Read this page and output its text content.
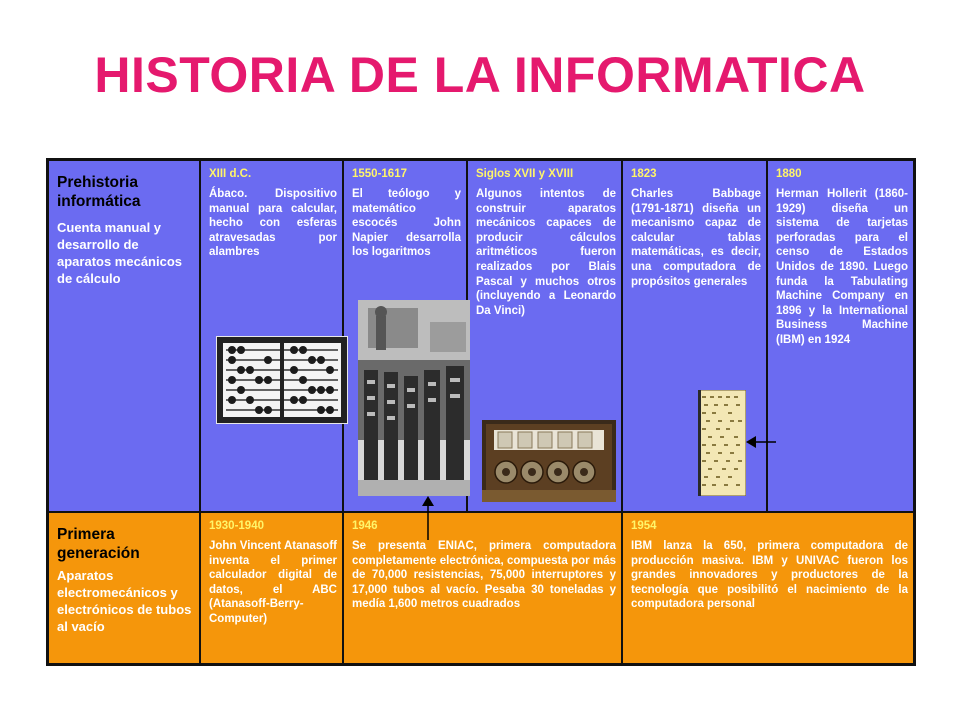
HISTORIA DE LA INFORMATICA
Prehistoria informática
Cuenta manual y desarrollo de aparatos mecánicos de cálculo
XIII d.C.
Ábaco. Dispositivo manual para calcular, hecho con esferas atravesadas por alambres
1550-1617
El teólogo y matemático escocés John Napier desarrolla los logaritmos
Siglos XVII y XVIII
Algunos intentos de construir aparatos mecánicos capaces de producir cálculos aritméticos fueron realizados por Blais Pascal y muchos otros (incluyendo a Leonardo Da Vinci)
1823
Charles Babbage (1791-1871) diseña un mecanismo capaz de calcular tablas matemáticas, es decir, una computadora de propósitos generales
1880
Herman Hollerit (1860-1929) diseña un sistema de tarjetas perforadas para el censo de Estados Unidos de 1890. Luego funda la Tabulating Machine Company en 1896 y la International Business Machine (IBM) en 1924
Primera generación
Aparatos electromecánicos y electrónicos de tubos al vacío
1930-1940
John Vincent Atanasoff inventa el primer calculador digital de datos, el ABC (Atanasoff-Berry-Computer)
1946
Se presenta ENIAC, primera computadora completamente electrónica, compuesta por más de 70,000 resistencias, 75,000 interruptores y 17,000 tubos al vacío. Pesaba 30 toneladas y medía 1,600 metros cuadrados
1954
IBM lanza la 650, primera computadora de producción masiva. IBM y UNIVAC fueron los grandes innovadores y productores de la tecnología que posibilitó el nacimiento de la computadora personal
